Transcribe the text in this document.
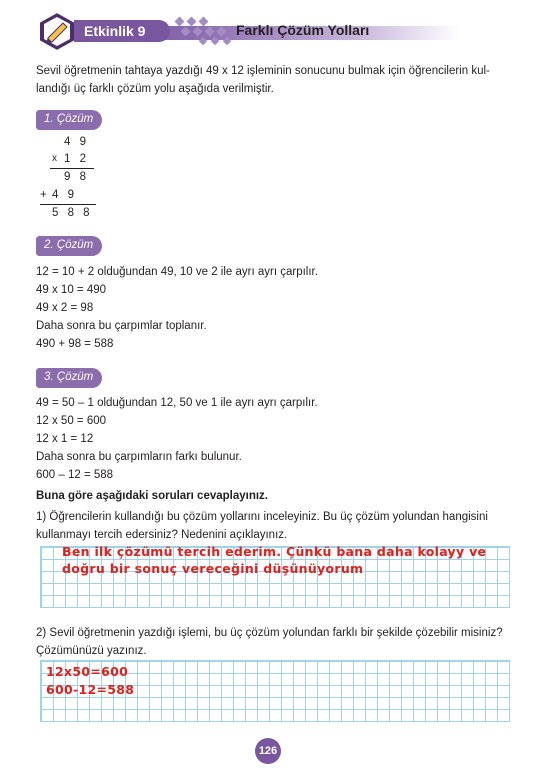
Etkinlik 9	Farklı Çözüm Yolları
Sevil öğretmenin tahtaya yazdığı 49 x 12 işleminin sonucunu bulmak için öğrencilerin kul-
landığı üç farklı çözüm yolu aşağıda verilmiştir.
1. Çözüm
4 9
x 1 2
9 8
+ 4 9
5 8 8
2. Çözüm
12 = 10 + 2 olduğundan 49, 10 ve 2 ile ayrı ayrı çarpılır.
49 x 10 = 490
49 x 2 = 98
Daha sonra bu çarpımlar toplanır.
490 + 98 = 588
3. Çözüm
49 = 50 – 1 olduğundan 12, 50 ve 1 ile ayrı ayrı çarpılır.
12 x 50 = 600
12 x 1 = 12
Daha sonra bu çarpımların farkı bulunur.
600 – 12 = 588
Buna göre aşağıdaki soruları cevaplayınız.
1) Öğrencilerin kullandığı bu çözüm yollarını inceleyiniz. Bu üç çözüm yolundan hangisini
kullanmayı tercih edersiniz? Nedenini açıklayınız.
Ben ilk çözümü tercih ederim. Çünkü bana daha kolayy ve
doğru bir sonuç vereceğini düşünüyorum
2) Sevil öğretmenin yazdığı işlemi, bu üç çözüm yolundan farklı bir şekilde çözebilir misiniz?
Çözümünüzü yazınız.
12x50=600
600-12=588
126
